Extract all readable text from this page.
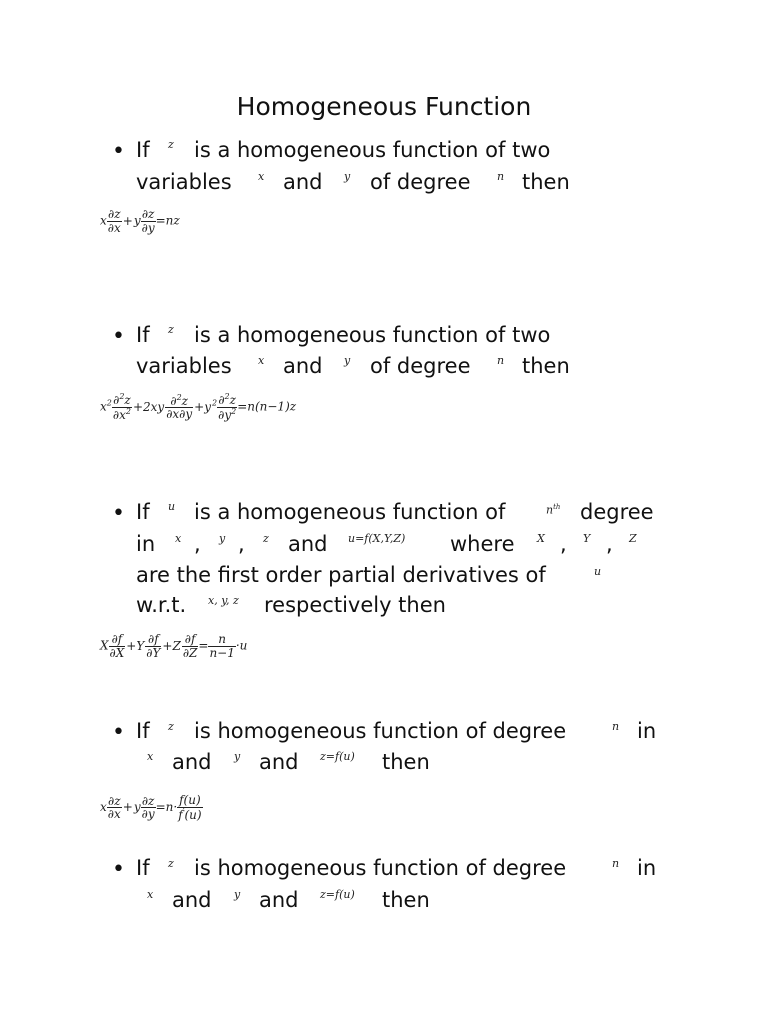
Homogeneous Function
• If z is a homogeneous function of two
variables x and y of degree n then
x $\frac{\partial z}{\partial x} +y \frac{\partial z}{\partial y} =nz$
• If z is a homogeneous function of two
variables x and y of degree n then
$x^2 \frac{\partial^2z}{\partial x^2} +2xy \frac{\partial^2z}{\partial x\partial y} +y^2 \frac{\partial^2z}{\partial y^2} =n(n-1)z$
• If u is a homogeneous function of	$n^{th}$ degree
in x , y , z and u=f(X,Y,Z) where X , Y , Z
are the first order partial derivatives of	u
w.r.t. x, y, z respectively then
X $\frac{\partial f}{\partial X} +Y \frac{\partial f}{\partial Y} +Z \frac{\partial f}{\partial Z} = \frac{n}{n-1} \cdot u$
• If z is homogeneous function of degree	n in
x and y and z=f(u) then
x $\frac{\partial z}{\partial x} +y \frac{\partial z}{\partial y} =n\cdot \frac{f(u)}{f'(u)}$
• If z is homogeneous function of degree	n in
x and y and z=f(u) then
